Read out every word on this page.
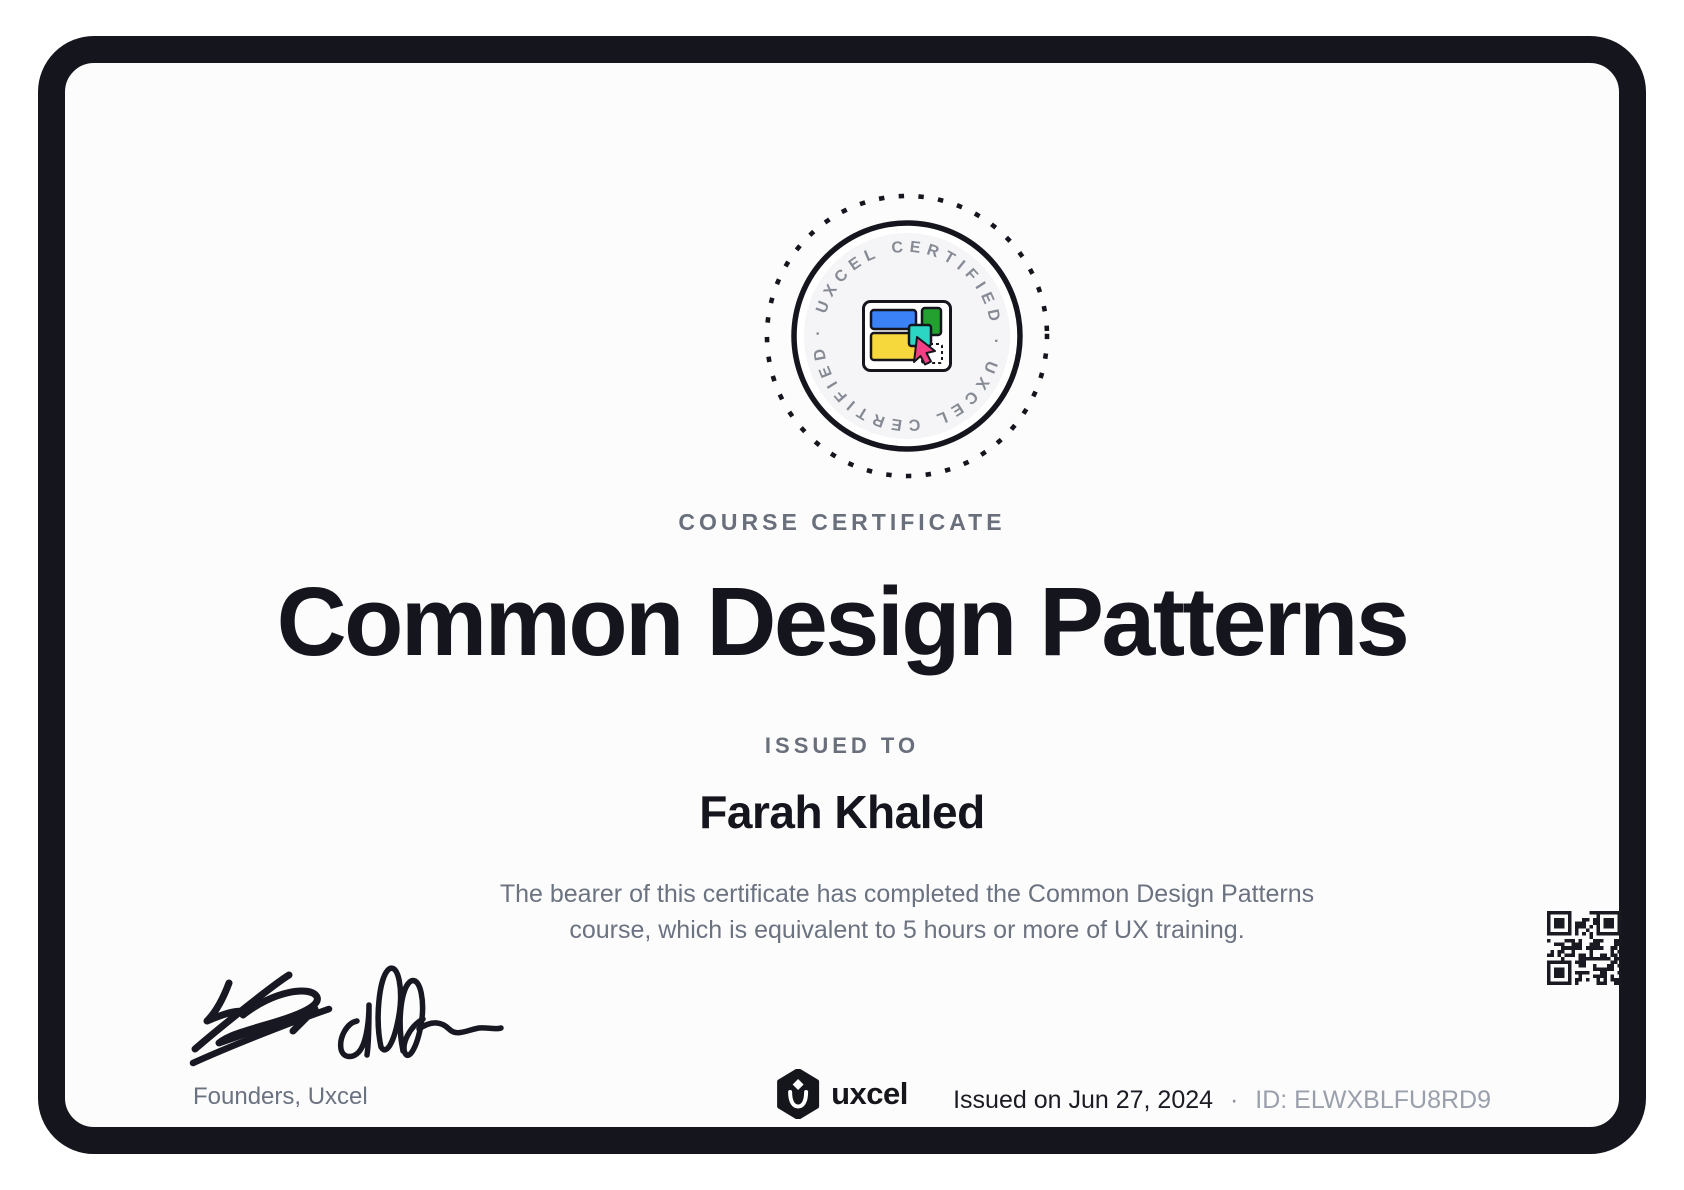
· UXCEL CERTIFIED · UXCEL CERTIFIED
COURSE CERTIFICATE
Common Design Patterns
ISSUED TO
Farah Khaled
The bearer of this certificate has completed the Common Design Patterns
course, which is equivalent to 5 hours or more of UX training.
Founders, Uxcel	uxcel Issued on Jun 27, 2024 · ID: ELWXBLFU8RD9
